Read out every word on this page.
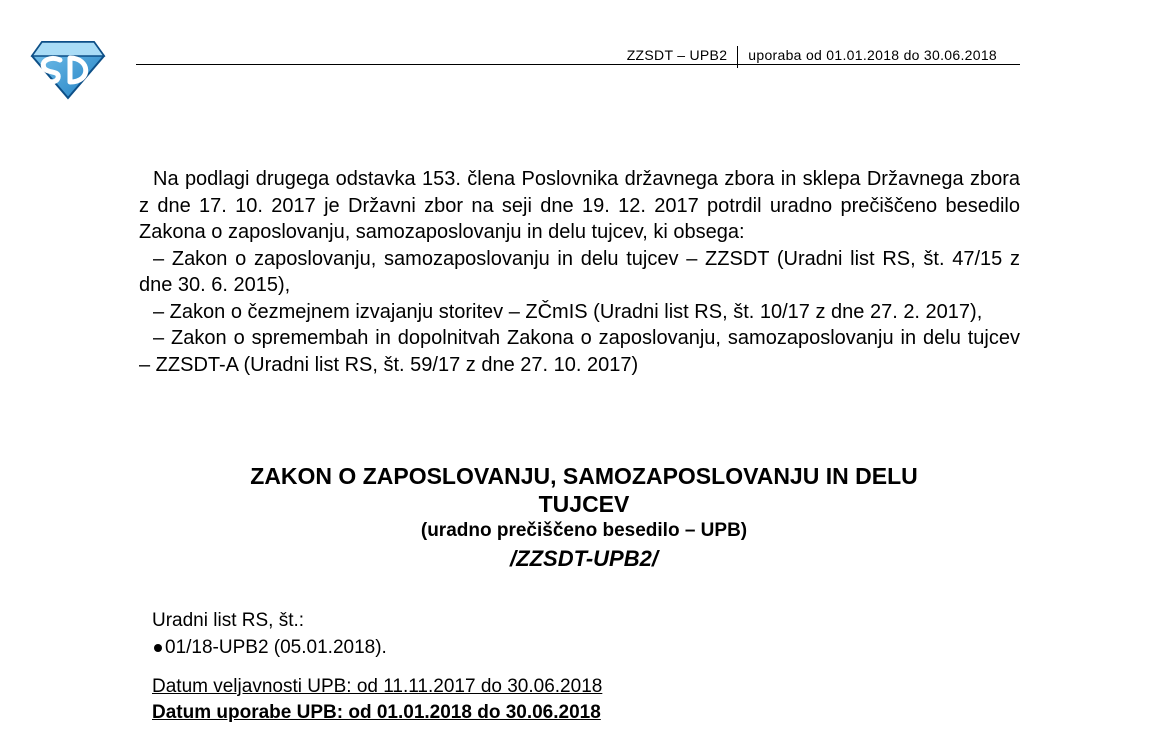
ZZSDT – UPB2 uporaba od 01.01.2018 do 30.06.2018

Na podlagi drugega odstavka 153. člena Poslovnika državnega zbora in sklepa Državnega zbora z dne 17. 10. 2017 je Državni zbor na seji dne 19. 12. 2017 potrdil uradno prečiščeno besedilo Zakona o zaposlovanju, samozaposlovanju in delu tujcev, ki obsega:

– Zakon o zaposlovanju, samozaposlovanju in delu tujcev – ZZSDT (Uradni list RS, št. 47/15 z dne 30. 6. 2015),

– Zakon o čezmejnem izvajanju storitev – ZČmIS (Uradni list RS, št. 10/17 z dne 27. 2. 2017),

– Zakon o spremembah in dopolnitvah Zakona o zaposlovanju, samozaposlovanju in delu tujcev – ZZSDT-A (Uradni list RS, št. 59/17 z dne 27. 10. 2017)

ZAKON O ZAPOSLOVANJU, SAMOZAPOSLOVANJU IN DELU
TUJCEV
(uradno prečiščeno besedilo – UPB)
/ZZSDT-UPB2/
Uradni list RS, št.:
01/18-UPB2 (05.01.2018).
Datum veljavnosti UPB: od 11.11.2017 do 30.06.2018
Datum uporabe UPB: od 01.01.2018 do 30.06.2018
